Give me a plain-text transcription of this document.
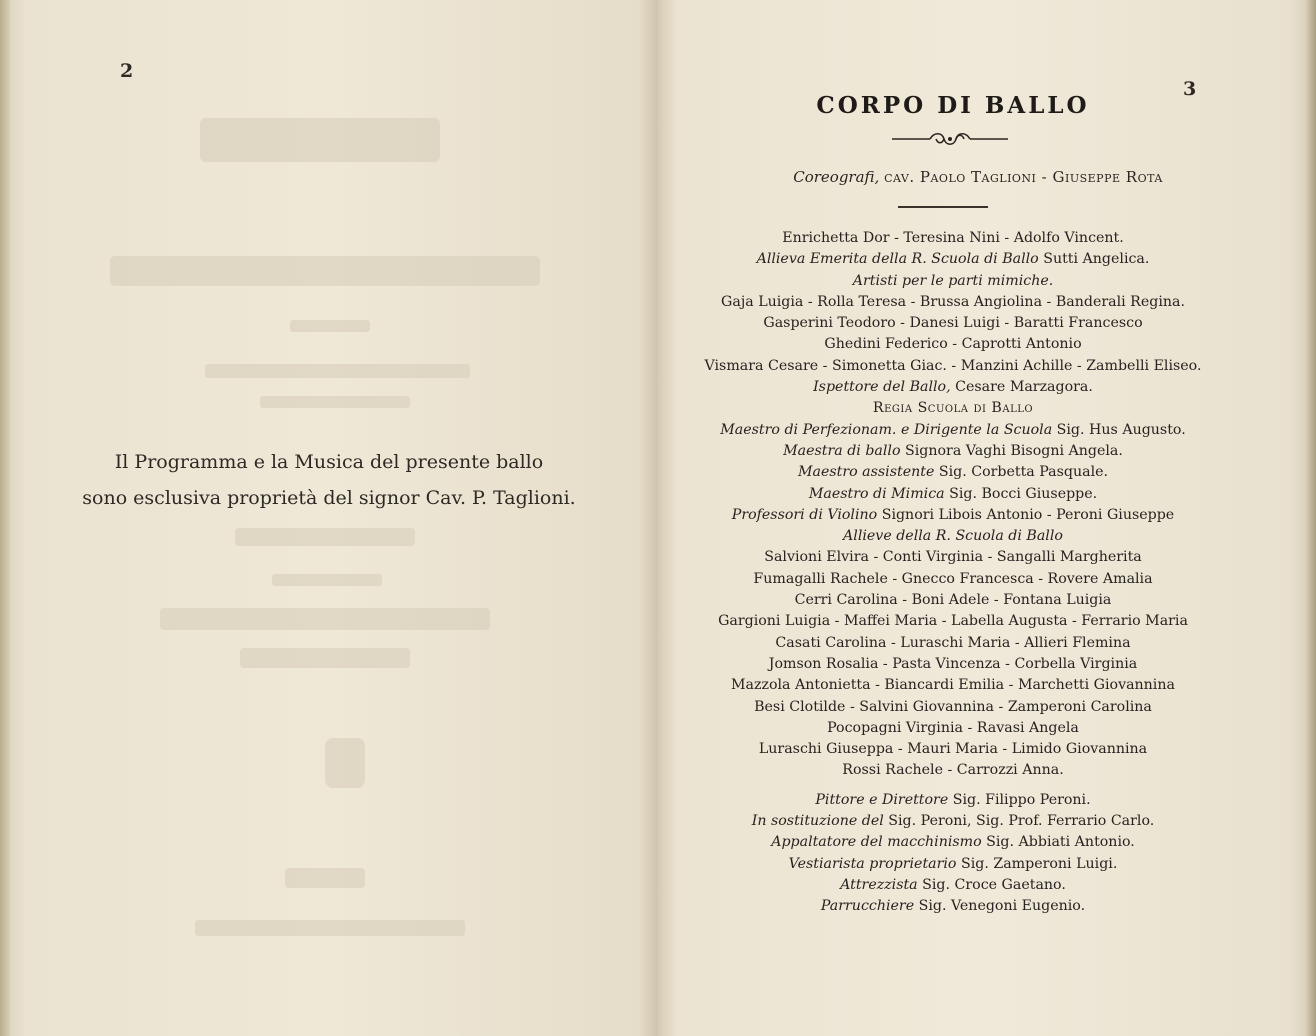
2
Il Programma e la Musica del presente ballo
sono esclusiva proprietà del signor Cav. P. Taglioni.
3
CORPO DI BALLO
Coreografi, cav. Paolo Taglioni - Giuseppe Rota
Enrichetta Dor - Teresina Nini - Adolfo Vincent.
Allieva Emerita della R. Scuola di Ballo Sutti Angelica.
Artisti per le parti mimiche.
Gaja Luigia - Rolla Teresa - Brussa Angiolina - Banderali Regina.
Gasperini Teodoro - Danesi Luigi - Baratti Francesco
Ghedini Federico - Caprotti Antonio
Vismara Cesare - Simonetta Giac. - Manzini Achille - Zambelli Eliseo.
Ispettore del Ballo, Cesare Marzagora.
Regia Scuola di Ballo
Maestro di Perfezionam. e Dirigente la Scuola Sig. Hus Augusto.
Maestra di ballo Signora Vaghi Bisogni Angela.
Maestro assistente Sig. Corbetta Pasquale.
Maestro di Mimica Sig. Bocci Giuseppe.
Professori di Violino Signori Libois Antonio - Peroni Giuseppe
Allieve della R. Scuola di Ballo
Salvioni Elvira - Conti Virginia - Sangalli Margherita
Fumagalli Rachele - Gnecco Francesca - Rovere Amalia
Cerri Carolina - Boni Adele - Fontana Luigia
Gargioni Luigia - Maffei Maria - Labella Augusta - Ferrario Maria
Casati Carolina - Luraschi Maria - Allieri Flemina
Jomson Rosalia - Pasta Vincenza - Corbella Virginia
Mazzola Antonietta - Biancardi Emilia - Marchetti Giovannina
Besi Clotilde - Salvini Giovannina - Zamperoni Carolina
Pocopagni Virginia - Ravasi Angela
Luraschi Giuseppa - Mauri Maria - Limido Giovannina
Rossi Rachele - Carrozzi Anna.
Pittore e Direttore Sig. Filippo Peroni.
In sostituzione del Sig. Peroni, Sig. Prof. Ferrario Carlo.
Appaltatore del macchinismo Sig. Abbiati Antonio.
Vestiarista proprietario Sig. Zamperoni Luigi.
Attrezzista Sig. Croce Gaetano.
Parrucchiere Sig. Venegoni Eugenio.
